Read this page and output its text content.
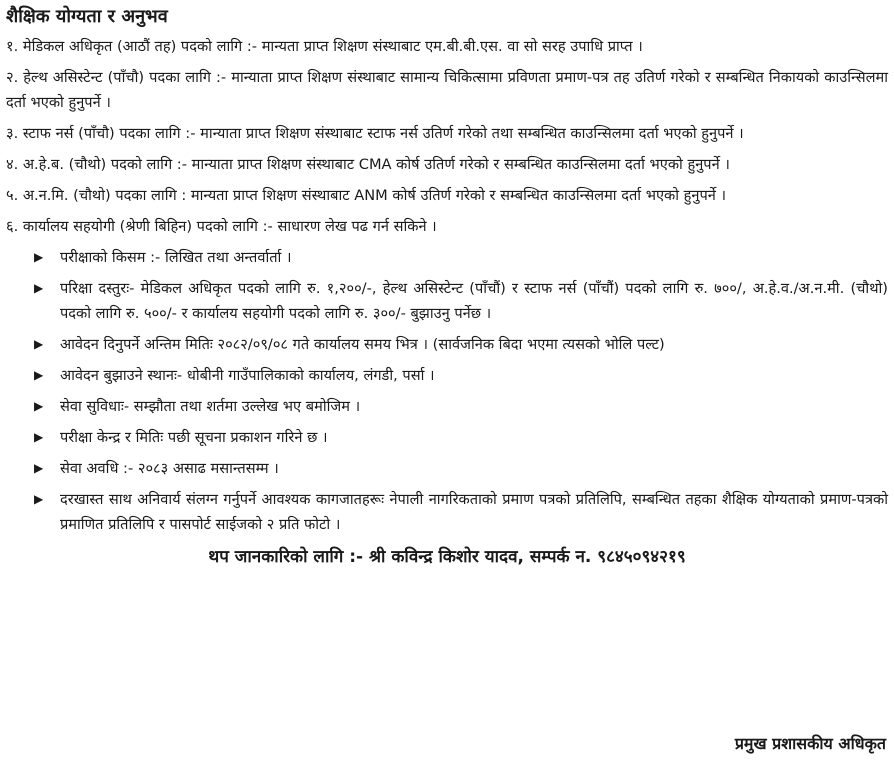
शैक्षिक योग्यता र अनुभव
१. मेडिकल अधिकृत (आठौं तह) पदको लागि :- मान्यता प्राप्त शिक्षण संस्थाबाट एम.बी.बी.एस. वा सो सरह उपाधि प्राप्त ।
२. हेल्थ असिस्टेन्ट (पाँचौ) पदका लागि :- मान्याता प्राप्त शिक्षण संस्थाबाट सामान्य चिकित्सामा प्रविणता प्रमाण-पत्र तह उतिर्ण गरेको र सम्बन्धित निकायको काउन्सिलमा दर्ता भएको हुनुपर्ने ।
३. स्टाफ नर्स (पाँचौ) पदका लागि :- मान्याता प्राप्त शिक्षण संस्थाबाट स्टाफ नर्स उतिर्ण गरेको तथा सम्बन्धित काउन्सिलमा दर्ता भएको हुनुपर्ने ।
४. अ.हे.ब. (चौथो) पदको लागि :- मान्याता प्राप्त शिक्षण संस्थाबाट CMA कोर्ष उतिर्ण गरेको र सम्बन्धित काउन्सिलमा दर्ता भएको हुनुपर्ने ।
५. अ.न.मि. (चौथो) पदका लागि : मान्यता प्राप्त शिक्षण संस्थाबाट ANM कोर्ष उतिर्ण गरेको र सम्बन्धित काउन्सिलमा दर्ता भएको हुनुपर्ने ।
६. कार्यालय सहयोगी (श्रेणी बिहिन) पदको लागि :- साधारण लेख पढ गर्न सकिने ।
▶	परीक्षाको किसम :- लिखित तथा अन्तर्वार्ता ।
▶	परिक्षा दस्तुरः- मेडिकल अधिकृत पदको लागि रु. १,२००/-, हेल्थ असिस्टेन्ट (पाँचौं) र स्टाफ नर्स (पाँचौं) पदको लागि रु. ७००/, अ.हे.व./अ.न.मी. (चौथो) पदको लागि रु. ५००/- र कार्यालय सहयोगी पदको लागि रु. ३००/- बुझाउनु पर्नेछ ।
▶	आवेदन दिनुपर्ने अन्तिम मितिः २०८२/०९/०८ गते कार्यालय समय भित्र । (सार्वजनिक बिदा भएमा त्यसको भोलि पल्ट)
▶	आवेदन बुझाउने स्थानः- धोबीनी गाउँपालिकाको कार्यालय, लंगडी, पर्सा ।
▶	सेवा सुविधाः- सम्झौता तथा शर्तमा उल्लेख भए बमोजिम ।
▶	परीक्षा केन्द्र र मितिः पछी सूचना प्रकाशन गरिने छ ।
▶	सेवा अवधि :- २०८३ असाढ मसान्तसम्म ।
▶	दरखास्त साथ अनिवार्य संलग्न गर्नुपर्ने आवश्यक कागजातहरूः नेपाली नागरिकताको प्रमाण पत्रको प्रतिलिपि, सम्बन्धित तहका शैक्षिक योग्यताको प्रमाण-पत्रको प्रमाणित प्रतिलिपि र पासपोर्ट साईजको २ प्रति फोटो ।
थप जानकारिको लागि :- श्री कविन्द्र किशोर यादव, सम्पर्क न. ९८४५०९४२१९
प्रमुख प्रशासकीय अधिकृत
